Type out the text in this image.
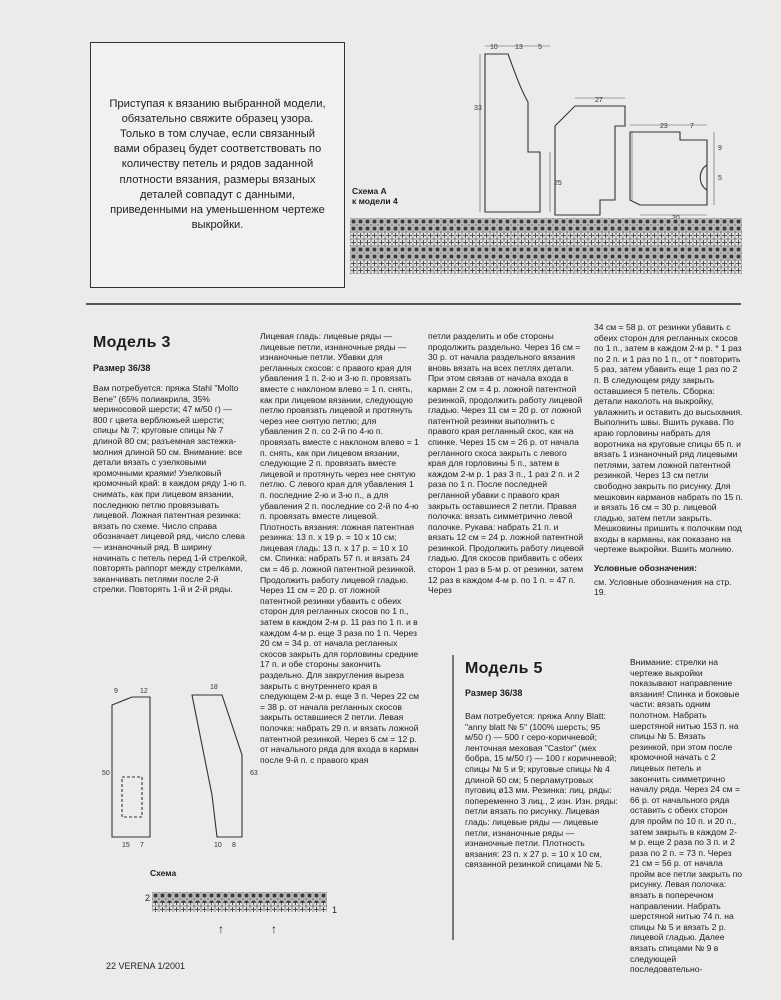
Приступая к вязанию выбранной модели, обязательно свяжите образец узора. Только в том случае, если связанный вами образец будет соответствовать по количеству петель и рядов заданной плотности вязания, размеры вязаных деталей совпадут с данными, приведенными на уменьшенном чертеже выкройки.

10 13 5
33
25
27
23	7
9
5
Схема А
к модели 4
Модель 3
Размер 36/38

Вам потребуется: пряжа Stahl "Molto Bene" (65% полиакрила, 35% мериносовой шерсти; 47 м/50 г) — 800 г цвета верблюжьей шерсти; спицы № 7; круговые спицы № 7 длиной 80 см; разъемная застежка-молния длиной 50 см. Внимание: все детали вязать с узелковыми кромочными краями! Узелковый кромочный край: в каждом ряду 1-ю п. снимать, как при лицевом вязании, последнюю петлю провязывать лицевой. Ложная патентная резинка: вязать по схеме. Число справа обозначает лицевой ряд, число слева — изнаночный ряд. В ширину начинать с петель перед 1-й стрелкой, повторять раппорт между стрелками, заканчивать петлями после 2-й стрелки. Повторять 1-й и 2-й ряды.

Лицевая гладь: лицевые ряды — лицевые петли, изнаночные ряды — изнаночные петли. Убавки для регланных скосов: с правого края для убавления 1 п. 2-ю и 3-ю п. провязать вместе с наклоном влево = 1 п. снять, как при лицевом вязании, следующую петлю провязать лицевой и протянуть через нее снятую петлю; для убавления 2 п. со 2-й по 4-ю п. провязать вместе с наклоном влево = 1 п. снять, как при лицевом вязании, следующие 2 п. провязать вместе лицевой и протянуть через нее снятую петлю. С левого края для убавления 1 п. последние 2-ю и 3-ю п., а для убавления 2 п. последние со 2-й по 4-ю п. провязать вместе лицевой. Плотность вязания: ложная патентная резинка: 13 п. x 19 р. = 10 x 10 см; лицевая гладь: 13 п. x 17 р. = 10 x 10 см. Спинка: набрать 57 п. и вязать 24 см = 46 р. ложной патентной резинкой. Продолжить работу лицевой гладью. Через 11 см = 20 р. от ложной патентной резинки убавить с обеих сторон для регланных скосов по 1 п., затем в каждом 2-м р. 11 раз по 1 п. и в каждом 4-м р. еще 3 раза по 1 п. Через 20 см = 34 р. от начала регланных скосов закрыть для горловины средние 17 п. и обе стороны закончить раздельно. Для закругления выреза закрыть с внутреннего края в следующем 2-м р. еще 3 п. Через 22 см = 38 р. от начала регланных скосов закрыть оставшиеся 2 петли. Левая полочка: набрать 29 п. и вязать ложной патентной резинкой. Через 6 см = 12 р. от начального ряда для входа в карман после 9-й п. с правого края

петли разделить и обе стороны продолжить раздельно. Через 16 см = 30 р. от начала раздельного вязания вновь вязать на всех петлях детали. При этом связав от начала входа в карман 2 см = 4 р. ложной патентной резинкой, продолжить работу лицевой гладью. Через 11 см = 20 р. от ложной патентной резинки выполнить с правого края регланный скос, как на спинке. Через 15 см = 26 р. от начала регланного скоса закрыть с левого края для горловины 5 п., затем в каждом 2-м р. 1 раз 3 п., 1 раз 2 п. и 2 раза по 1 п. После последней регланной убавки с правого края закрыть оставшиеся 2 петли. Правая полочка: вязать симметрично левой полочке. Рукава: набрать 21 п. и вязать 12 см = 24 р. ложной патентной резинкой. Продолжить работу лицевой гладью. Для скосов прибавить с обеих сторон 1 раз в 5-м р. от резинки, затем 12 раз в каждом 4-м р. по 1 п. = 47 п. Через

34 см = 58 р. от резинки убавить с обеих сторон для регланных скосов по 1 п., затем в каждом 2-м р. * 1 раз по 2 п. и 1 раз по 1 п., от * повторить 5 раз, затем убавить еще 1 раз по 2 п. В следующем ряду закрыть оставшиеся 5 петель. Сборка: детали наколоть на выкройку, увлажнить и оставить до высыхания. Выполнить швы. Вшить рукава. По краю горловины набрать для воротника на круговые спицы 65 п. и вязать 1 изнаночный ряд лицевыми петлями, затем ложной патентной резинкой. Через 13 см петли свободно закрыть по рисунку. Для мешковин карманов набрать по 15 п. и вязать 16 см = 30 р. лицевой гладью, затем петли закрыть. Мешковины пришить к полочкам под входы в карманы, как показано на чертеже выкройки. Вшить молнию.

Условные обозначения:

см. Условные обозначения на стр. 19.

9	12
50
15 7
18
63
10 8
Схема
2
1
↑	↑
Модель 5
Размер 36/38

Вам потребуется: пряжа Anny Blatt: "anny blatt № 5" (100% шерсть; 95 м/50 г) — 500 г серо-коричневой; ленточная меховая "Castor" (мех бобра, 15 м/50 г) — 100 г коричневой; спицы № 5 и 9; круговые спицы № 4 длиной 60 см; 5 перламутровых пуговиц ø13 мм. Резинка: лиц. ряды: попеременно 3 лиц., 2 изн. Изн. ряды: петли вязать по рисунку. Лицевая гладь: лицевые ряды — лицевые петли, изнаночные ряды — изнаночные петли. Плотность вязания: 23 п. x 27 р. = 10 x 10 см, связанной резинкой спицами № 5.

Внимание: стрелки на чертеже выкройки показывают направление вязания! Спинка и боковые части: вязать одним полотном. Набрать шерстяной нитью 153 п. на спицы № 5. Вязать резинкой, при этом после кромочной начать с 2 лицевых петель и закончить симметрично началу ряда. Через 24 см = 66 р. от начального ряда оставить с обеих сторон для пройм по 10 п. и 20 п., затем закрыть в каждом 2-м р. еще 2 раза по 3 п. и 2 раза по 2 п. = 73 п. Через 21 см = 56 р. от начала пройм все петли закрыть по рисунку. Левая полочка: вязать в поперечном направлении. Набрать шерстяной нитью 74 п. на спицы № 5 и вязать 2 р. лицевой гладью. Далее вязать спицами № 9 в следующей последовательно-

22 VERENA 1/2001
